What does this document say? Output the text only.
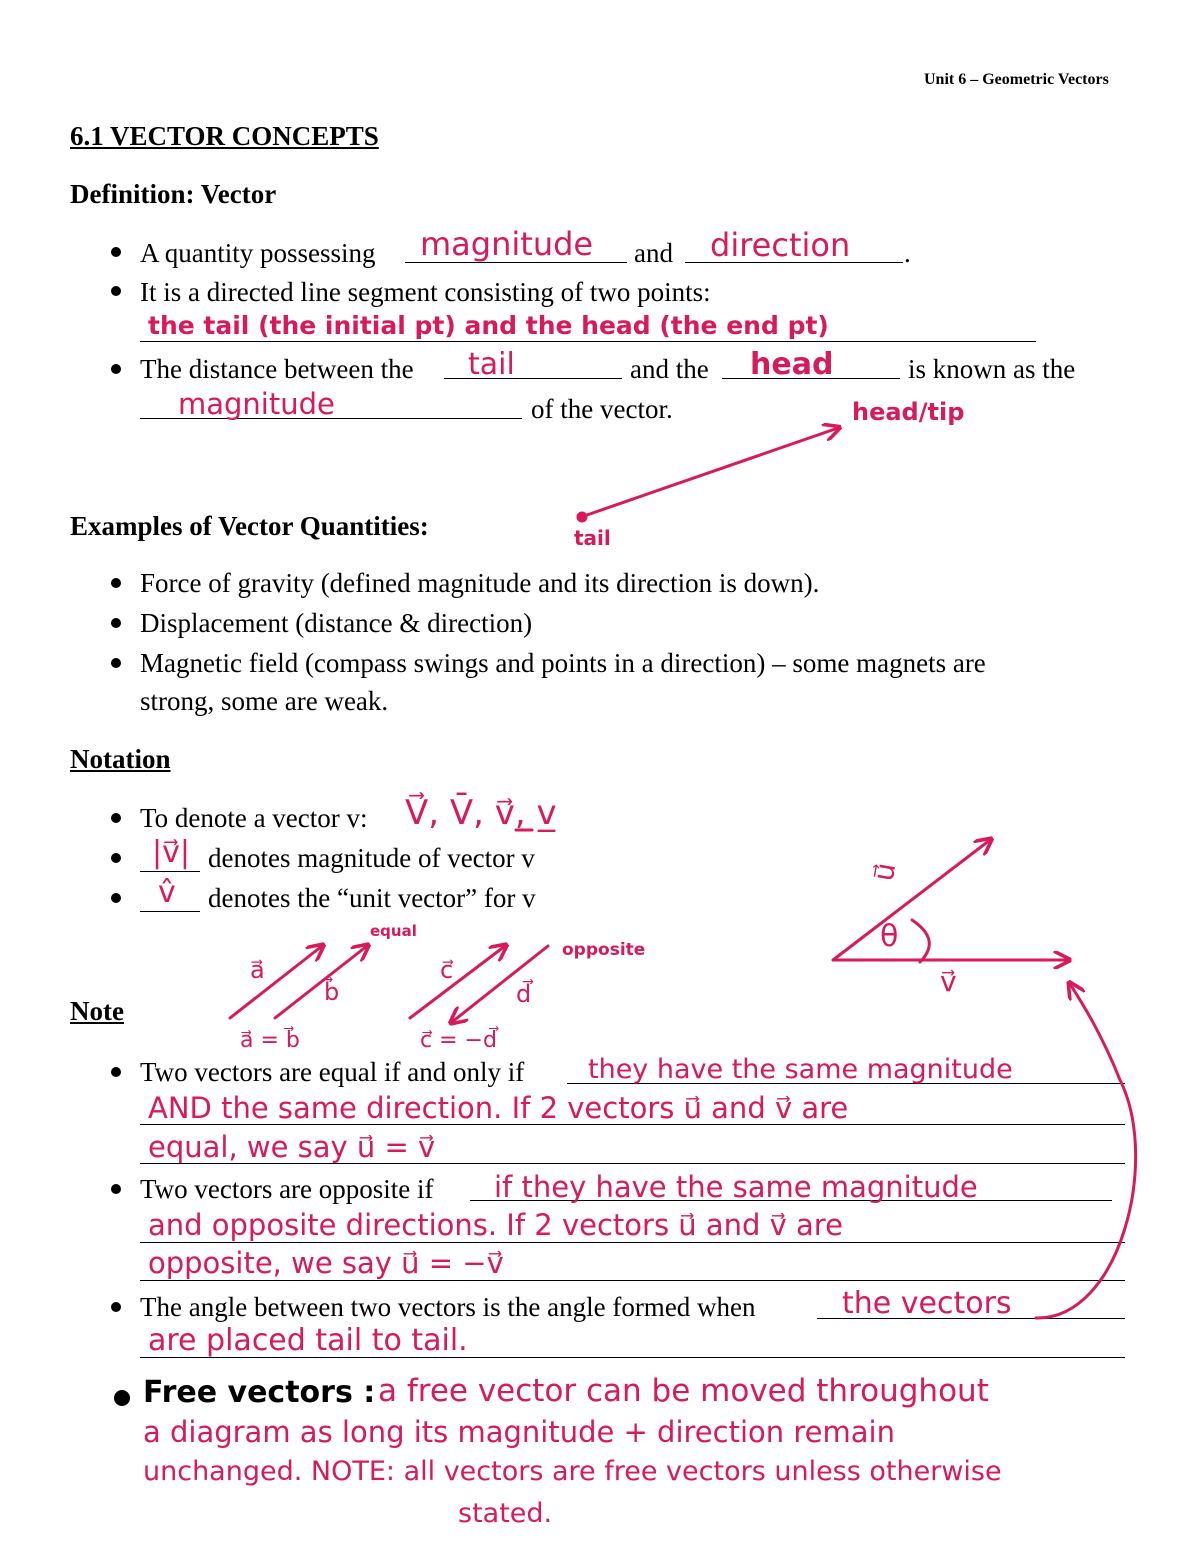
Unit 6 – Geometric Vectors
6.1 VECTOR CONCEPTS
Definition: Vector
A quantity possessing magnitude and direction .
It is a directed line segment consisting of two points:
the tail (the initial pt) and the head (the end pt)
The distance between the tail	and the head	is known as the
magnitude	of the vector.	head/tip
tail
Examples of Vector Quantities:
Force of gravity (defined magnitude and its direction is down).
Displacement (distance & direction)
Magnetic field (compass swings and points in a direction) – some magnets are
strong, some are weak.
Notation
To denote a vector v: V⃗, V̄, v⃗, v̲
|v⃗| denotes magnitude of vector v
v̂ denotes the “unit vector” for v
a⃗
b⃗
equal
a⃗ = b⃗
c⃗
d⃗
opposite
c⃗ = −d⃗
u⃗
v⃗
θ
Note
Two vectors are equal if and only if they have the same magnitude
AND the same direction. If 2 vectors u⃗ and v⃗ are
equal, we say u⃗ = v⃗
Two vectors are opposite if if they have the same magnitude
and opposite directions. If 2 vectors u⃗ and v⃗ are
opposite, we say u⃗ = −v⃗
The angle between two vectors is the angle formed when	the vectors
are placed tail to tail.
Free vectors : a free vector can be moved throughout
a diagram as long its magnitude + direction remain
unchanged. NOTE: all vectors are free vectors unless otherwise
stated.
